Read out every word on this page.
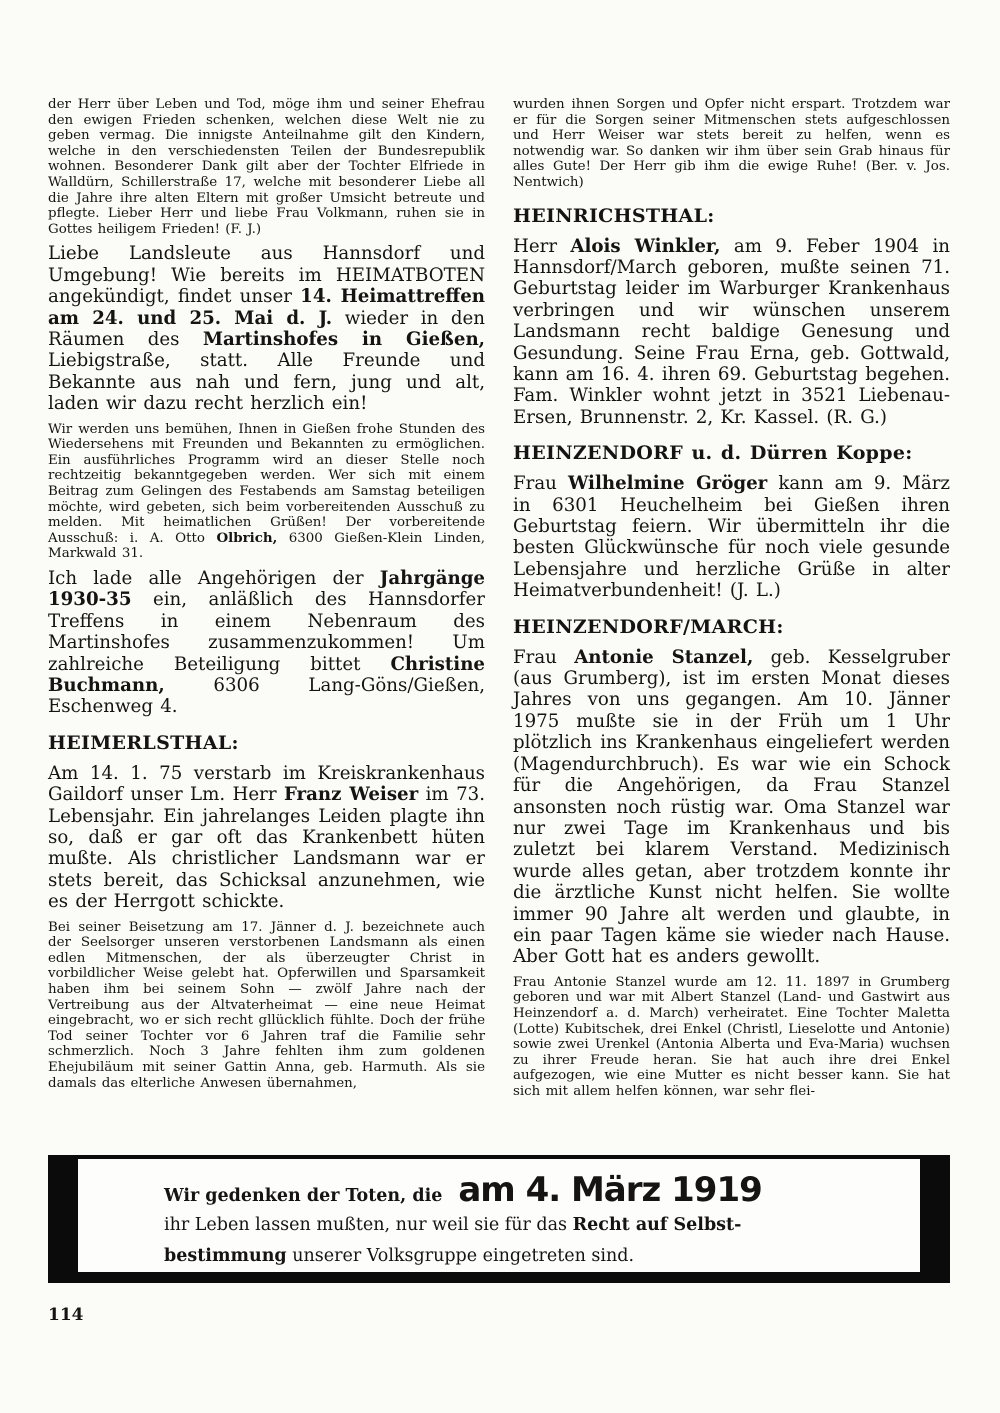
der Herr über Leben und Tod, möge ihm und seiner Ehefrau den ewigen Frieden schenken, welchen diese Welt nie zu geben vermag. Die innigste Anteilnahme gilt den Kindern, welche in den verschiedensten Teilen der Bundesrepublik wohnen. Besonderer Dank gilt aber der Tochter Elfriede in Walldürn, Schillerstraße 17, welche mit besonderer Liebe all die Jahre ihre alten Eltern mit großer Umsicht betreute und pflegte. Lieber Herr und liebe Frau Volkmann, ruhen sie in Gottes heiligem Frieden! (F. J.)

Liebe Landsleute aus Hannsdorf und Umgebung! Wie bereits im HEIMATBOTEN angekündigt, findet unser 14. Heimattreffen am 24. und 25. Mai d. J. wieder in den Räumen des Martinshofes in Gießen, Liebigstraße, statt. Alle Freunde und Bekannte aus nah und fern, jung und alt, laden wir dazu recht herzlich ein!

Wir werden uns bemühen, Ihnen in Gießen frohe Stunden des Wiedersehens mit Freunden und Bekannten zu ermöglichen. Ein ausführliches Programm wird an dieser Stelle noch rechtzeitig bekanntgegeben werden. Wer sich mit einem Beitrag zum Gelingen des Festabends am Samstag beteiligen möchte, wird gebeten, sich beim vorbereitenden Ausschuß zu melden. Mit heimatlichen Grüßen! Der vorbereitende Ausschuß: i. A. Otto Olbrich, 6300 Gießen-Klein Linden, Markwald 31.

Ich lade alle Angehörigen der Jahrgänge 1930-35 ein, anläßlich des Hannsdorfer Treffens in einem Nebenraum des Martinshofes zusammenzukommen! Um zahlreiche Beteiligung bittet Christine Buchmann, 6306 Lang-Göns/Gießen, Eschenweg 4.

HEIMERLSTHAL:

Am 14. 1. 75 verstarb im Kreiskrankenhaus Gaildorf unser Lm. Herr Franz Weiser im 73. Lebensjahr. Ein jahrelanges Leiden plagte ihn so, daß er gar oft das Krankenbett hüten mußte. Als christlicher Landsmann war er stets bereit, das Schicksal anzunehmen, wie es der Herrgott schickte.

Bei seiner Beisetzung am 17. Jänner d. J. bezeichnete auch der Seelsorger unseren verstorbenen Landsmann als einen edlen Mitmenschen, der als überzeugter Christ in vorbildlicher Weise gelebt hat. Opferwillen und Sparsamkeit haben ihm bei seinem Sohn — zwölf Jahre nach der Vertreibung aus der Altvaterheimat — eine neue Heimat eingebracht, wo er sich recht gllücklich fühlte. Doch der frühe Tod seiner Tochter vor 6 Jahren traf die Familie sehr schmerzlich. Noch 3 Jahre fehlten ihm zum goldenen Ehejubiläum mit seiner Gattin Anna, geb. Harmuth. Als sie damals das elterliche Anwesen übernahmen,

wurden ihnen Sorgen und Opfer nicht erspart. Trotzdem war er für die Sorgen seiner Mitmenschen stets aufgeschlossen und Herr Weiser war stets bereit zu helfen, wenn es notwendig war. So danken wir ihm über sein Grab hinaus für alles Gute! Der Herr gib ihm die ewige Ruhe! (Ber. v. Jos. Nentwich)

HEINRICHSTHAL:

Herr Alois Winkler, am 9. Feber 1904 in Hannsdorf/March geboren, mußte seinen 71. Geburtstag leider im Warburger Krankenhaus verbringen und wir wünschen unserem Landsmann recht baldige Genesung und Gesundung. Seine Frau Erna, geb. Gottwald, kann am 16. 4. ihren 69. Geburtstag begehen. Fam. Winkler wohnt jetzt in 3521 Liebenau-Ersen, Brunnenstr. 2, Kr. Kassel. (R. G.)

HEINZENDORF u. d. Dürren Koppe:

Frau Wilhelmine Gröger kann am 9. März in 6301 Heuchelheim bei Gießen ihren Geburtstag feiern. Wir übermitteln ihr die besten Glückwünsche für noch viele gesunde Lebensjahre und herzliche Grüße in alter Heimatverbundenheit! (J. L.)

HEINZENDORF/MARCH:

Frau Antonie Stanzel, geb. Kesselgruber (aus Grumberg), ist im ersten Monat dieses Jahres von uns gegangen. Am 10. Jänner 1975 mußte sie in der Früh um 1 Uhr plötzlich ins Krankenhaus eingeliefert werden (Magendurchbruch). Es war wie ein Schock für die Angehörigen, da Frau Stanzel ansonsten noch rüstig war. Oma Stanzel war nur zwei Tage im Krankenhaus und bis zuletzt bei klarem Verstand. Medizinisch wurde alles getan, aber trotzdem konnte ihr die ärztliche Kunst nicht helfen. Sie wollte immer 90 Jahre alt werden und glaubte, in ein paar Tagen käme sie wieder nach Hause. Aber Gott hat es anders gewollt.

Frau Antonie Stanzel wurde am 12. 11. 1897 in Grumberg geboren und war mit Albert Stanzel (Land- und Gastwirt aus Heinzendorf a. d. March) verheiratet. Eine Tochter Maletta (Lotte) Kubitschek, drei Enkel (Christl, Lieselotte und Antonie) sowie zwei Urenkel (Antonia Alberta und Eva-Maria) wuchsen zu ihrer Freude heran. Sie hat auch ihre drei Enkel aufgezogen, wie eine Mutter es nicht besser kann. Sie hat sich mit allem helfen können, war sehr flei-

Wir gedenken der Toten, die am 4. März 1919
ihr Leben lassen mußten, nur weil sie für das Recht auf Selbst-
bestimmung unserer Volksgruppe eingetreten sind.
114
